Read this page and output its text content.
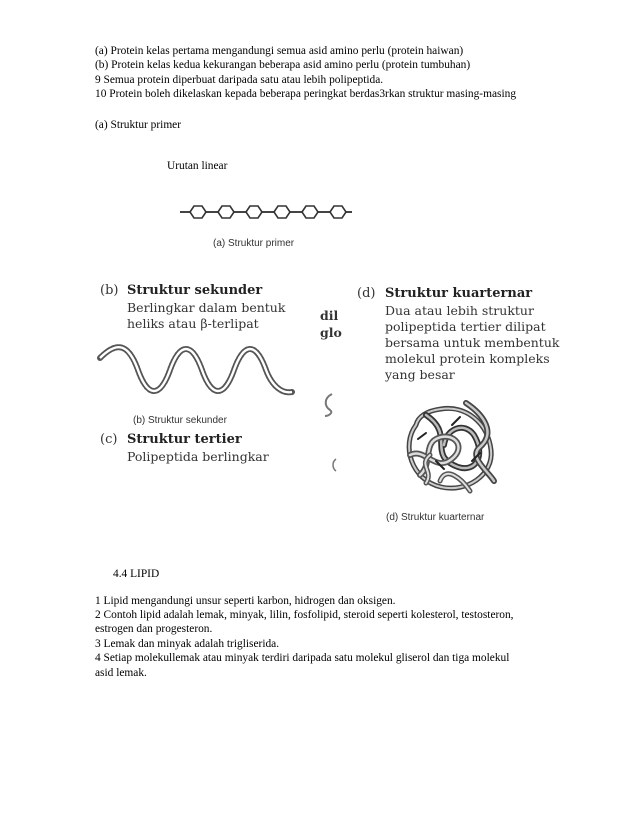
(a) Protein kelas pertama mengandungi semua asid amino perlu (protein haiwan)
(b) Protein kelas kedua kekurangan beberapa asid amino perlu (protein tumbuhan)
9 Semua protein diperbuat daripada satu atau lebih polipeptida.
10 Protein boleh dikelaskan kepada beberapa peringkat berdas3rkan struktur masing-masing
(a) Struktur primer
Urutan linear
(a) Struktur primer
(b) Struktur sekunder
Berlingkar dalam bentuk
heliks atau β-terlipat
(b) Struktur sekunder
(c) Struktur tertier
Polipeptida berlingkar
dil
glo
(d) Struktur kuarternar
Dua atau lebih struktur
polipeptida tertier dilipat
bersama untuk membentuk
molekul protein kompleks
yang besar
(d) Struktur kuarternar
4.4 LIPID
1 Lipid mengandungi unsur seperti karbon, hidrogen dan oksigen.
2 Contoh lipid adalah lemak, minyak, lilin, fosfolipid, steroid seperti kolesterol, testosteron,
estrogen dan progesteron.
3 Lemak dan minyak adalah trigliserida.
4 Setiap molekullemak atau minyak terdiri daripada satu molekul gliserol dan tiga molekul
asid lemak.
